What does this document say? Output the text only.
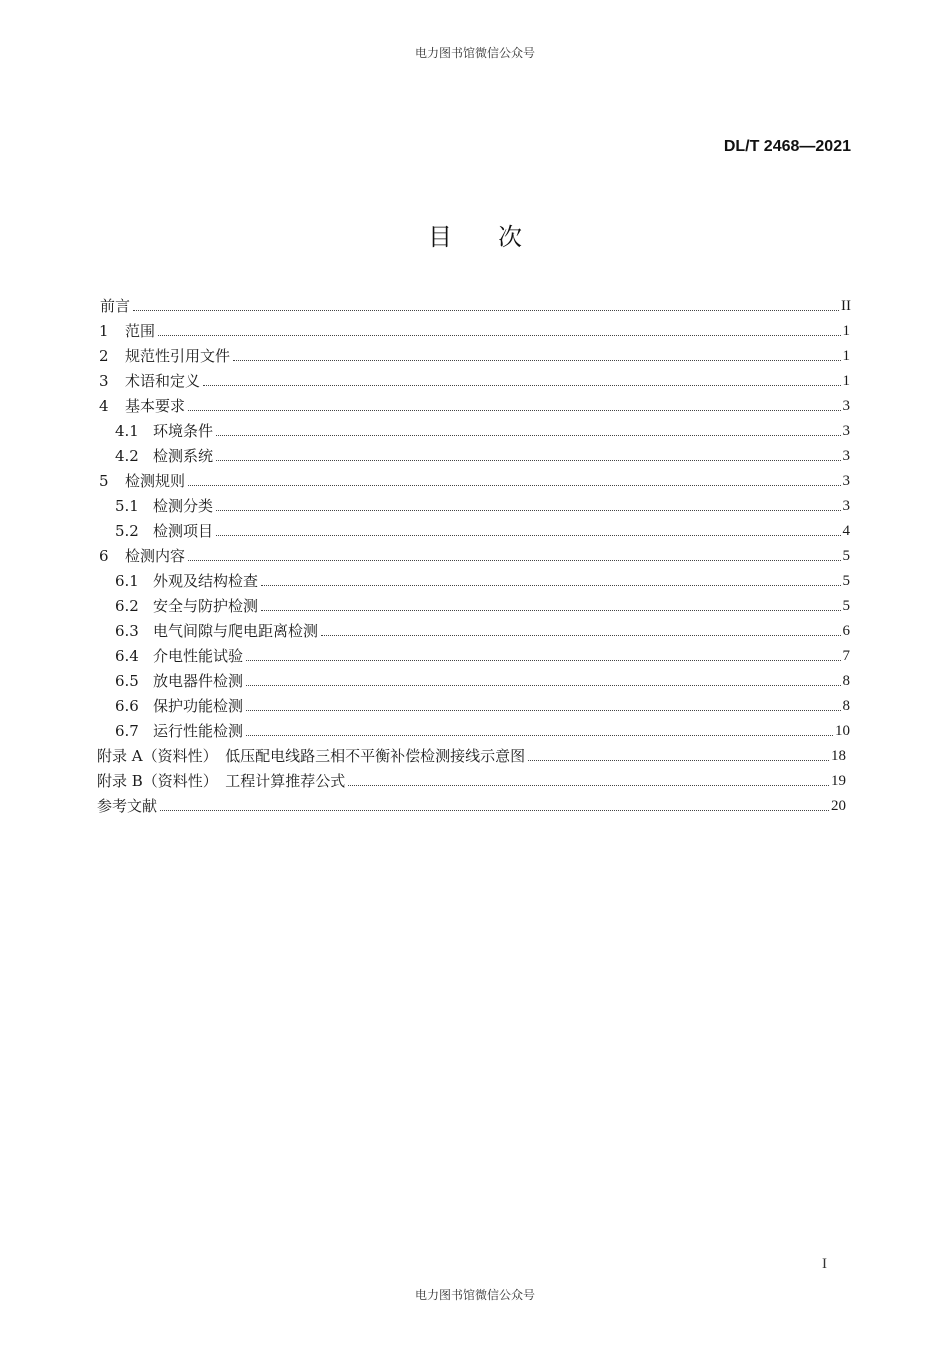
电力图书馆微信公众号
DL/T 2468—2021
目次
前言	II
1	范围	1
2	规范性引用文件	1
3	术语和定义	1
4	基本要求	3
4.1 环境条件	3
4.2 检测系统	3
5	检测规则	3
5.1 检测分类	3
5.2 检测项目	4
6	检测内容	5
6.1 外观及结构检查	5
6.2 安全与防护检测	5
6.3 电气间隙与爬电距离检测	6
6.4 介电性能试验	7
6.5 放电器件检测	8
6.6 保护功能检测	8
6.7 运行性能检测	10
附录 A（资料性）　低压配电线路三相不平衡补偿检测接线示意图	18
附录 B（资料性）　工程计算推荐公式	19
参考文献	20
I
电力图书馆微信公众号
